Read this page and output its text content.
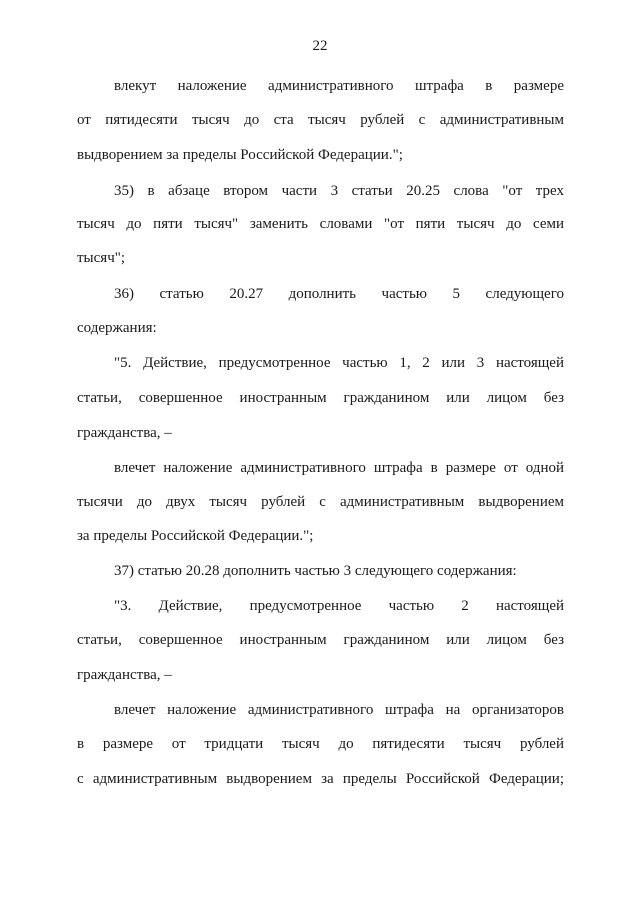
22
влекут наложение административного штрафа в размере
от пятидесяти тысяч до ста тысяч рублей с административным
выдворением за пределы Российской Федерации.";
35) в абзаце втором части 3 статьи 20.25 слова "от трех
тысяч до пяти тысяч" заменить словами "от пяти тысяч до семи
тысяч";
36) статью 20.27 дополнить частью 5 следующего
содержания:
"5. Действие, предусмотренное частью 1, 2 или 3 настоящей
статьи, совершенное иностранным гражданином или лицом без
гражданства, –
влечет наложение административного штрафа в размере от одной
тысячи до двух тысяч рублей с административным выдворением
за пределы Российской Федерации.";
37) статью 20.28 дополнить частью 3 следующего содержания:
"3. Действие, предусмотренное частью 2 настоящей
статьи, совершенное иностранным гражданином или лицом без
гражданства, –
влечет наложение административного штрафа на организаторов
в размере от тридцати тысяч до пятидесяти тысяч рублей
с административным выдворением за пределы Российской Федерации;
